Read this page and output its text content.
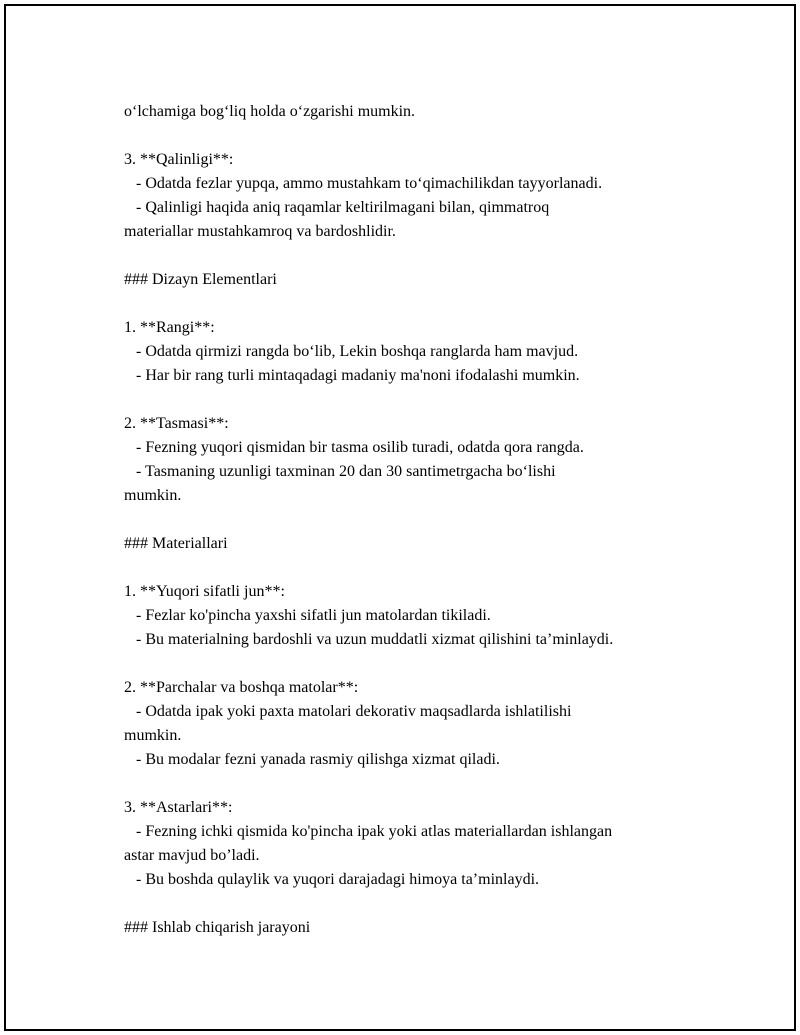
o‘lchamiga bog‘liq holda o‘zgarishi mumkin.
3. **Qalinligi**:
- Odatda fezlar yupqa, ammo mustahkam to‘qimachilikdan tayyorlanadi.
- Qalinligi haqida aniq raqamlar keltirilmagani bilan, qimmatroq
materiallar mustahkamroq va bardoshlidir.
### Dizayn Elementlari
1. **Rangi**:
- Odatda qirmizi rangda bo‘lib, Lekin boshqa ranglarda ham mavjud.
- Har bir rang turli mintaqadagi madaniy ma'noni ifodalashi mumkin.
2. **Tasmasi**:
- Fezning yuqori qismidan bir tasma osilib turadi, odatda qora rangda.
- Tasmaning uzunligi taxminan 20 dan 30 santimetrgacha bo‘lishi
mumkin.
### Materiallari
1. **Yuqori sifatli jun**:
- Fezlar ko'pincha yaxshi sifatli jun matolardan tikiladi.
- Bu materialning bardoshli va uzun muddatli xizmat qilishini ta’minlaydi.
2. **Parchalar va boshqa matolar**:
- Odatda ipak yoki paxta matolari dekorativ maqsadlarda ishlatilishi
mumkin.
- Bu modalar fezni yanada rasmiy qilishga xizmat qiladi.
3. **Astarlari**:
- Fezning ichki qismida ko'pincha ipak yoki atlas materiallardan ishlangan
astar mavjud bo’ladi.
- Bu boshda qulaylik va yuqori darajadagi himoya ta’minlaydi.
### Ishlab chiqarish jarayoni
